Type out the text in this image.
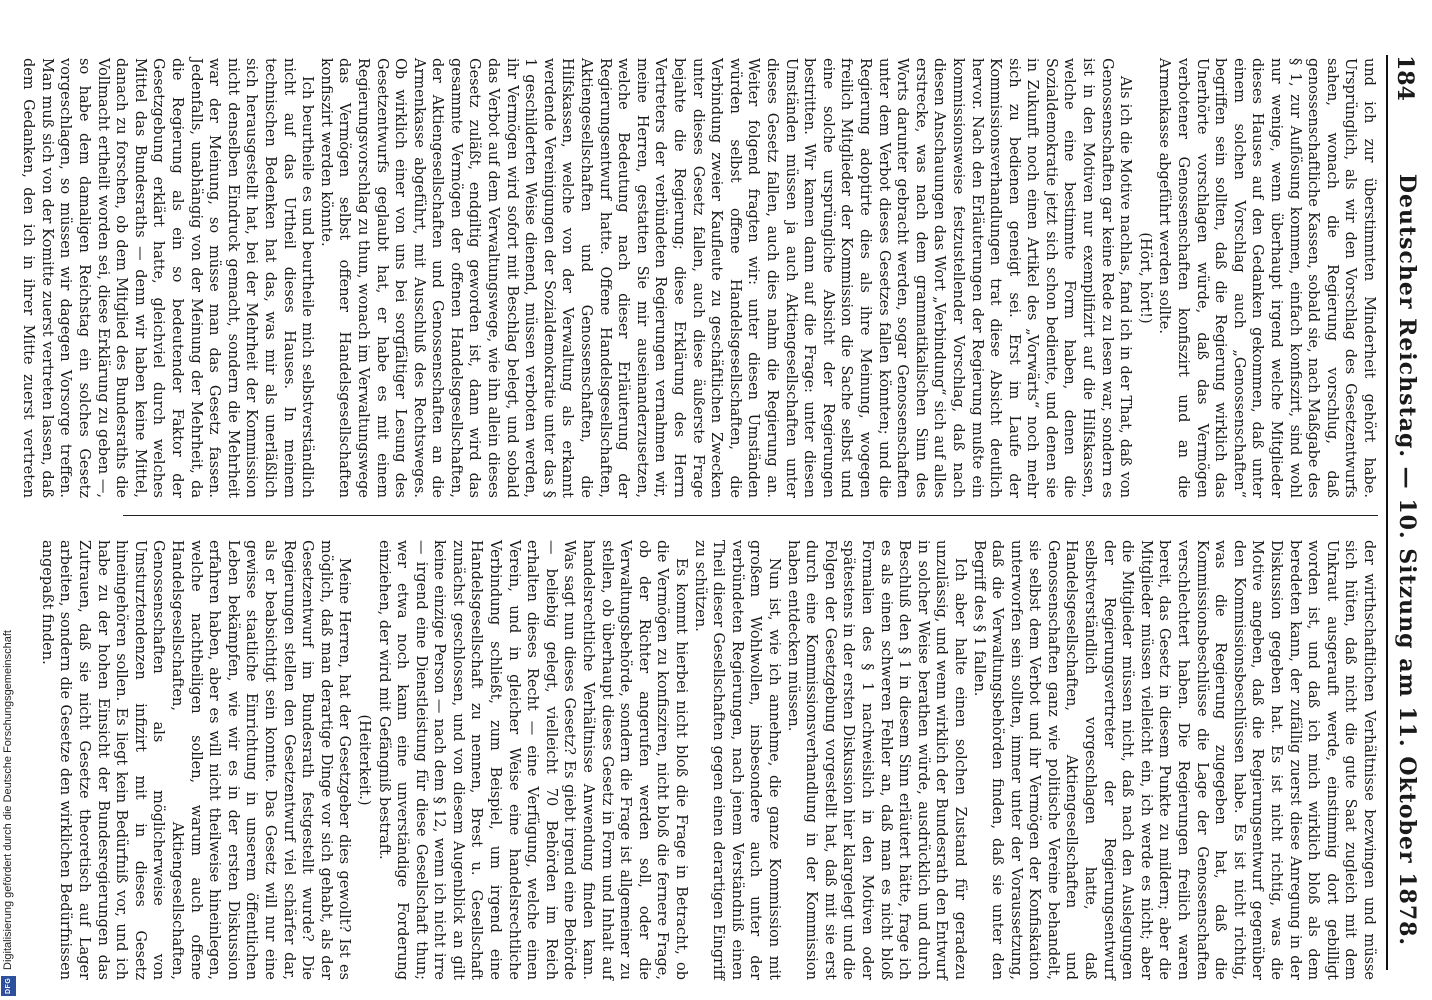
184
Deutscher Reichstag. — 10. Sitzung am 11. Oktober 1878.

und ich zur überstimmten Minderheit gehört habe. Ursprünglich, als wir den Vorschlag des Gesetzentwurfs sahen, wonach die Regierung vorschlug, daß genossenschaftliche Kassen, sobald sie, nach Maßgabe des § 1, zur Auflösung kommen, einfach konfiszirt, sind wohl nur wenige, wenn überhaupt irgend welche Mitglieder dieses Hauses auf den Gedanken gekommen, daß unter einem solchen Vorschlag auch „Genossenschaften“ begriffen sein sollten, daß die Regierung wirklich das Unerhörte vorschlagen würde, daß das Vermögen verbotener Genossenschaften konfiszirt und an die Armenkasse abgeführt werden sollte.

(Hört, hört!)

Als ich die Motive nachlas, fand ich in der That, daß von Genossenschaften gar keine Rede zu lesen war, sondern es ist in den Motiven nur exemplifizirt auf die Hilfskassen, welche eine bestimmte Form haben, denen die Sozialdemokratie jetzt sich schon bediente, und denen sie in Zukunft noch einen Artikel des „Vorwärts“ noch mehr sich zu bedienen geneigt sei. Erst im Laufe der Kommissionsverhandlungen trat diese Absicht deutlich hervor. Nach den Erläuterungen der Regierung mußte ein kommissionsweise festzustellender Vorschlag, daß nach diesen Anschauungen das Wort „Verbindung“ sich auf alles erstrecke, was nach dem grammatikalischen Sinn des Worts darunter gebracht werden, sogar Genossenschaften unter dem Verbot dieses Gesetzes fallen könnten; und die Regierung adoptirte dies als ihre Meinung, wogegen freilich Mitglieder der Kommission die Sache selbst und eine solche ursprüngliche Absicht der Regierungen bestritten. Wir kamen dann auf die Frage: unter diesen Umständen müssen ja auch Aktiengesellschaften unter dieses Gesetz fallen, auch dies nahm die Regierung an. Weiter folgend fragten wir: unter diesen Umständen würden selbst offene Handelsgesellschaften, die Verbindung zweier Kaufleute zu geschäftlichen Zwecken unter dieses Gesetz fallen, auch diese äußerste Frage bejahte die Regierung; diese Erklärung des Herrn Vertreters der verbündeten Regierungen vernahmen wir, meine Herren, gestatten Sie mir auseinanderzusetzen, welche Bedeutung nach dieser Erläuterung der Regierungsentwurf hatte. Offene Handelsgesellschaften, Aktiengesellschaften und Genossenschaften, die Hilfskassen, welche von der Verwaltung als erkannt werdende Vereinigungen der Sozialdemokratie unter das § 1 geschilderten Weise dienend, müssen verboten werden, ihr Vermögen wird sofort mit Beschlag belegt, und sobald das Verbot auf dem Verwaltungswege, wie ihn allein dieses Gesetz zuläßt, endgiltig geworden ist, dann wird das gesammte Vermögen der offenen Handelsgesellschaften, der Aktiengesellschaften und Genossenschaften an die Armenkasse abgeführt, mit Ausschluß des Rechtsweges. Ob wirklich einer von uns bei sorgfältiger Lesung des Gesetzentwurfs geglaubt hat, er habe es mit einem Regierungsvorschlag zu thun, wonach im Verwaltungswege das Vermögen selbst offener Handelsgesellschaften konfiszirt werden könnte.

Ich beurtheile es und beurtheile mich selbstverständlich nicht auf das Urtheil dieses Hauses. In meinem technischen Bedenken hat das, was mir als unerläßlich sich herausgestellt hat, bei der Mehrheit der Kommission nicht denselben Eindruck gemacht, sondern die Mehrheit war der Meinung, so müsse man das Gesetz fassen. Jedenfalls, unabhängig von der Meinung der Mehrheit, da die Regierung als ein so bedeutender Faktor der Gesetzgebung erklärt hatte, gleichviel durch welches Mittel das Bundesraths — denn wir haben keine Mittel, danach zu forschen, ob dem Mitglied des Bundesraths die Vollmacht ertheilt worden sei, diese Erklärung zu geben —, so habe dem damaligen Reichstag ein solches Gesetz vorgeschlagen, so müssen wir dagegen Vorsorge treffen. Man muß sich von der Komitte zuerst vertreten lassen, daß dem Gedanken, den ich in ihrer Mitte zuerst vertreten

der wirthschaftlichen Verhältnisse bezwingen und müsse sich hüten, daß nicht die gute Saat zugleich mit dem Unkraut ausgerauft werde, einstimmig dort gebilligt worden ist, und daß ich mich wirklich bloß als dem beredeten kann, der zufällig zuerst diese Anregung in der Diskussion gegeben hat. Es ist nicht richtig, was die Motive angeben, daß die Regierungsentwurf gegenüber den Kommissionsbeschlüssen habe. Es ist nicht richtig, was die Regierung zugegeben hat, daß die Kommissionsbeschlüsse die Lage der Genossenschaften verschlechtert haben. Die Regierungen freilich waren bereit, das Gesetz in diesem Punkte zu mildern; aber die Mitglieder müssen vielleicht ein, ich werde es nicht; aber die Mitglieder müssen nicht, daß nach den Auslegungen der Regierungsvertreter der Regierungsentwurf selbstverständlich vorgeschlagen hatte, daß Handelsgesellschaften, Aktiengesellschaften und Genossenschaften ganz wie politische Vereine behandelt, sie selbst dem Verbot und ihr Vermögen der Konfiskation unterworfen sein sollten, immer unter der Voraussetzung, daß die Verwaltungsbehörden finden, daß sie unter den Begriff des § 1 fallen.

Ich aber halte einen solchen Zustand für geradezu unzulässig, und wenn wirklich der Bundesrath den Entwurf in solcher Weise berathen würde, ausdrücklich und durch Beschluß den § 1 in diesem Sinn erläutert hätte, frage ich es als einen schweren Fehler an, daß man es nicht bloß Formalien des § 1 nachweislich in den Motiven oder spätestens in der ersten Diskussion hier klargelegt und die Folgen der Gesetzgebung vorgestellt hat, daß mit sie erst durch eine Kommissionsverhandlung in der Kommission haben entdecken müssen.

Nun ist, wie ich annehme, die ganze Kommission mit großem Wohlwollen, insbesondere auch unter der verbündeten Regierungen, nach jenem Verständniß einen Theil dieser Gesellschaften gegen einen derartigen Eingriff zu schützen.

Es kommt hierbei nicht bloß die Frage in Betracht, ob die Vermögen zu konfisziren, nicht bloß die fernere Frage, ob der Richter angerufen werden soll, oder die Verwaltungsbehörde, sondern die Frage ist allgemeiner zu stellen, ob überhaupt dieses Gesetz in Form und Inhalt auf handelsrechtliche Verhältnisse Anwendung finden kann. Was sagt nun dieses Gesetz? Es giebt irgend eine Behörde — beliebig gelegt, vielleicht 70 Behörden im Reich erhalten dieses Recht — eine Verfügung, welche einen Verein, und in gleicher Weise eine handelsrechtliche Verbindung schließt, zum Beispiel, um irgend eine Handelsgesellschaft zu nennen, Brest u. Gesellschaft zunächst geschlossen, und von diesem Augenblick an gilt keine einzige Person — nach dem § 12, wenn ich nicht irre — irgend eine Dienstleistung für diese Gesellschaft thun; wer etwa noch kann eine unverständige Forderung einziehen, der wird mit Gefängniß bestraft.

(Heiterkeit.)

Meine Herren, hat der Gesetzgeber dies gewollt? Ist es möglich, daß man derartige Dinge vor sich gehabt, als der Gesetzentwurf im Bundesrath festgestellt wurde? Die Regierungen stellen den Gesetzentwurf viel schärfer dar, als er beabsichtigt sein konnte. Das Gesetz will nur eine gewisse staatliche Einrichtung in unserem öffentlichen Leben bekämpfen, wie wir es in der ersten Diskussion erfahren haben, aber es will nicht theilweise hineinlegen, welche nachtheiligen sollen, warum auch offene Handelsgesellschaften, Aktiengesellschaften, Genossenschaften als möglicherweise von Umsturztendenzen infizirt mit in dieses Gesetz hineingehören sollen. Es liegt kein Bedürfniß vor, und ich habe zu der hohen Einsicht der Bundesregierungen das Zutrauen, daß sie nicht Gesetze theoretisch auf Lager arbeiten, sondern die Gesetze den wirklichen Bedürfnissen angepaßt finden.

Digitalisierung gefördert durch die Deutsche Forschungsgemeinschaft
DFG
